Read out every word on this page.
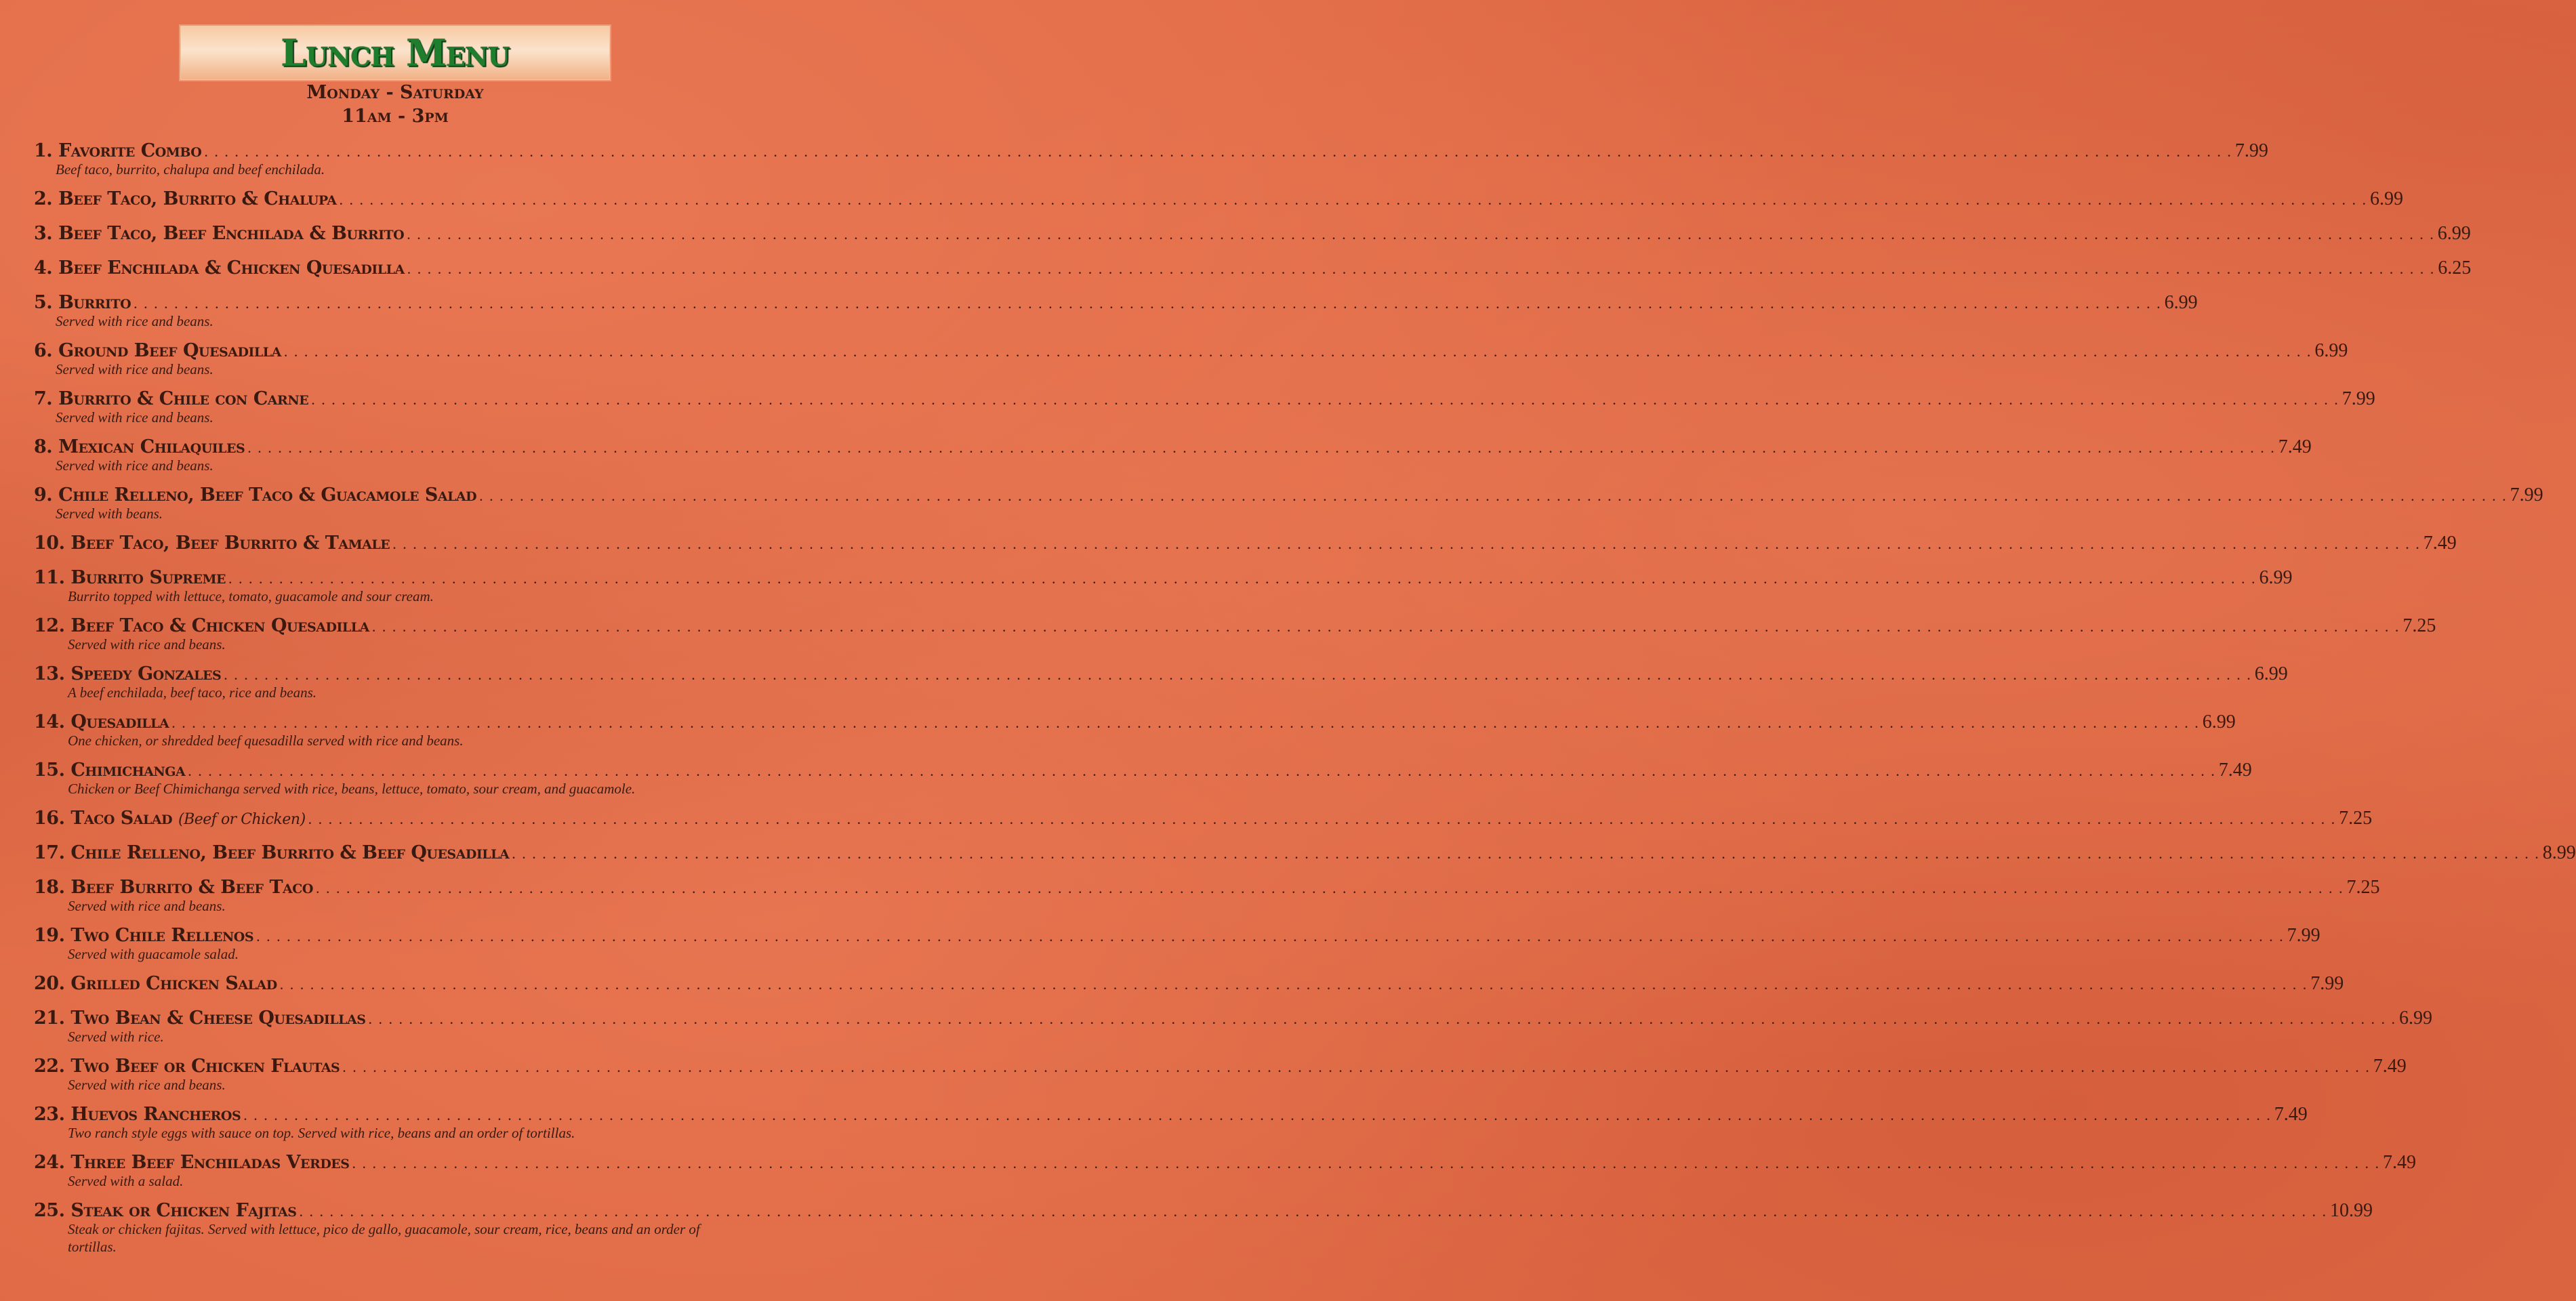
Lunch Menu
Monday - Saturday
11am - 3pm
1. Favorite Combo . . . . . . . . . . . . . . . . . . . . . . . . . . . . . . . . . . . . . . . . . . . . . . . . . . . . . . . . . . . . . . . . . . . . . . . . . . . . . . . . . . . . . . . . . . . . . . . . . . . . . . . . . . . . . . . . . . . . . . . . . . . . . . . . . . . . . . . . . . . . . . . . . . . . . . . . . . . . . . . . . . . . . . . . . . . . . . . . . . . . . . . . . . . . . . . . . . . . . . . . 7.99
Beef taco, burrito, chalupa and beef enchilada.
2. Beef Taco, Burrito & Chalupa . . . . . . . . . . . . . . . . . . . . . . . . . . . . . . . . . . . . . . . . . . . . . . . . . . . . . . . . . . . . . . . . . . . . . . . . . . . . . . . . . . . . . . . . . . . . . . . . . . . . . . . . . . . . . . . . . . . . . . . . . . . . . . . . . . . . . . . . . . . . . . . . . . . . . . . . . . . . . . . . . . . . . . . . . . . . . . . . . . . . . . . . . . . . . . . . . . . . . . . . 6.99
3. Beef Taco, Beef Enchilada & Burrito . . . . . . . . . . . . . . . . . . . . . . . . . . . . . . . . . . . . . . . . . . . . . . . . . . . . . . . . . . . . . . . . . . . . . . . . . . . . . . . . . . . . . . . . . . . . . . . . . . . . . . . . . . . . . . . . . . . . . . . . . . . . . . . . . . . . . . . . . . . . . . . . . . . . . . . . . . . . . . . . . . . . . . . . . . . . . . . . . . . . . . . . . . . . . . . . . . . . . . . . 6.99
4. Beef Enchilada & Chicken Quesadilla . . . . . . . . . . . . . . . . . . . . . . . . . . . . . . . . . . . . . . . . . . . . . . . . . . . . . . . . . . . . . . . . . . . . . . . . . . . . . . . . . . . . . . . . . . . . . . . . . . . . . . . . . . . . . . . . . . . . . . . . . . . . . . . . . . . . . . . . . . . . . . . . . . . . . . . . . . . . . . . . . . . . . . . . . . . . . . . . . . . . . . . . . . . . . . . . . . . . . . . . 6.25
5. Burrito . . . . . . . . . . . . . . . . . . . . . . . . . . . . . . . . . . . . . . . . . . . . . . . . . . . . . . . . . . . . . . . . . . . . . . . . . . . . . . . . . . . . . . . . . . . . . . . . . . . . . . . . . . . . . . . . . . . . . . . . . . . . . . . . . . . . . . . . . . . . . . . . . . . . . . . . . . . . . . . . . . . . . . . . . . . . . . . . . . . . . . . . . . . . . . . . . . . . . . . . 6.99
Served with rice and beans.
6. Ground Beef Quesadilla . . . . . . . . . . . . . . . . . . . . . . . . . . . . . . . . . . . . . . . . . . . . . . . . . . . . . . . . . . . . . . . . . . . . . . . . . . . . . . . . . . . . . . . . . . . . . . . . . . . . . . . . . . . . . . . . . . . . . . . . . . . . . . . . . . . . . . . . . . . . . . . . . . . . . . . . . . . . . . . . . . . . . . . . . . . . . . . . . . . . . . . . . . . . . . . . . . . . . . . . 6.99
Served with rice and beans.
7. Burrito & Chile con Carne . . . . . . . . . . . . . . . . . . . . . . . . . . . . . . . . . . . . . . . . . . . . . . . . . . . . . . . . . . . . . . . . . . . . . . . . . . . . . . . . . . . . . . . . . . . . . . . . . . . . . . . . . . . . . . . . . . . . . . . . . . . . . . . . . . . . . . . . . . . . . . . . . . . . . . . . . . . . . . . . . . . . . . . . . . . . . . . . . . . . . . . . . . . . . . . . . . . . . . . . 7.99
Served with rice and beans.
8. Mexican Chilaquiles . . . . . . . . . . . . . . . . . . . . . . . . . . . . . . . . . . . . . . . . . . . . . . . . . . . . . . . . . . . . . . . . . . . . . . . . . . . . . . . . . . . . . . . . . . . . . . . . . . . . . . . . . . . . . . . . . . . . . . . . . . . . . . . . . . . . . . . . . . . . . . . . . . . . . . . . . . . . . . . . . . . . . . . . . . . . . . . . . . . . . . . . . . . . . . . . . . . . . . . . 7.49
Served with rice and beans.
9. Chile Relleno, Beef Taco & Guacamole Salad . . . . . . . . . . . . . . . . . . . . . . . . . . . . . . . . . . . . . . . . . . . . . . . . . . . . . . . . . . . . . . . . . . . . . . . . . . . . . . . . . . . . . . . . . . . . . . . . . . . . . . . . . . . . . . . . . . . . . . . . . . . . . . . . . . . . . . . . . . . . . . . . . . . . . . . . . . . . . . . . . . . . . . . . . . . . . . . . . . . . . . . . . . . . . . . . . . . . . . . . 7.99
Served with beans.
10. Beef Taco, Beef Burrito & Tamale . . . . . . . . . . . . . . . . . . . . . . . . . . . . . . . . . . . . . . . . . . . . . . . . . . . . . . . . . . . . . . . . . . . . . . . . . . . . . . . . . . . . . . . . . . . . . . . . . . . . . . . . . . . . . . . . . . . . . . . . . . . . . . . . . . . . . . . . . . . . . . . . . . . . . . . . . . . . . . . . . . . . . . . . . . . . . . . . . . . . . . . . . . . . . . . . . . . . . . . . 7.49
11. Burrito Supreme . . . . . . . . . . . . . . . . . . . . . . . . . . . . . . . . . . . . . . . . . . . . . . . . . . . . . . . . . . . . . . . . . . . . . . . . . . . . . . . . . . . . . . . . . . . . . . . . . . . . . . . . . . . . . . . . . . . . . . . . . . . . . . . . . . . . . . . . . . . . . . . . . . . . . . . . . . . . . . . . . . . . . . . . . . . . . . . . . . . . . . . . . . . . . . . . . . . . . . . . 6.99
Burrito topped with lettuce, tomato, guacamole and sour cream.
12. Beef Taco & Chicken Quesadilla . . . . . . . . . . . . . . . . . . . . . . . . . . . . . . . . . . . . . . . . . . . . . . . . . . . . . . . . . . . . . . . . . . . . . . . . . . . . . . . . . . . . . . . . . . . . . . . . . . . . . . . . . . . . . . . . . . . . . . . . . . . . . . . . . . . . . . . . . . . . . . . . . . . . . . . . . . . . . . . . . . . . . . . . . . . . . . . . . . . . . . . . . . . . . . . . . . . . . . . . 7.25
Served with rice and beans.
13. Speedy Gonzales . . . . . . . . . . . . . . . . . . . . . . . . . . . . . . . . . . . . . . . . . . . . . . . . . . . . . . . . . . . . . . . . . . . . . . . . . . . . . . . . . . . . . . . . . . . . . . . . . . . . . . . . . . . . . . . . . . . . . . . . . . . . . . . . . . . . . . . . . . . . . . . . . . . . . . . . . . . . . . . . . . . . . . . . . . . . . . . . . . . . . . . . . . . . . . . . . . . . . . . . 6.99
A beef enchilada, beef taco, rice and beans.
14. Quesadilla . . . . . . . . . . . . . . . . . . . . . . . . . . . . . . . . . . . . . . . . . . . . . . . . . . . . . . . . . . . . . . . . . . . . . . . . . . . . . . . . . . . . . . . . . . . . . . . . . . . . . . . . . . . . . . . . . . . . . . . . . . . . . . . . . . . . . . . . . . . . . . . . . . . . . . . . . . . . . . . . . . . . . . . . . . . . . . . . . . . . . . . . . . . . . . . . . . . . . . . . 6.99
One chicken, or shredded beef quesadilla served with rice and beans.
15. Chimichanga . . . . . . . . . . . . . . . . . . . . . . . . . . . . . . . . . . . . . . . . . . . . . . . . . . . . . . . . . . . . . . . . . . . . . . . . . . . . . . . . . . . . . . . . . . . . . . . . . . . . . . . . . . . . . . . . . . . . . . . . . . . . . . . . . . . . . . . . . . . . . . . . . . . . . . . . . . . . . . . . . . . . . . . . . . . . . . . . . . . . . . . . . . . . . . . . . . . . . . . . 7.49
Chicken or Beef Chimichanga served with rice, beans, lettuce, tomato, sour cream, and guacamole.
16. Taco Salad (Beef or Chicken) . . . . . . . . . . . . . . . . . . . . . . . . . . . . . . . . . . . . . . . . . . . . . . . . . . . . . . . . . . . . . . . . . . . . . . . . . . . . . . . . . . . . . . . . . . . . . . . . . . . . . . . . . . . . . . . . . . . . . . . . . . . . . . . . . . . . . . . . . . . . . . . . . . . . . . . . . . . . . . . . . . . . . . . . . . . . . . . . . . . . . . . . . . . . . . . . . . . . . . . . 7.25
17. Chile Relleno, Beef Burrito & Beef Quesadilla . . . . . . . . . . . . . . . . . . . . . . . . . . . . . . . . . . . . . . . . . . . . . . . . . . . . . . . . . . . . . . . . . . . . . . . . . . . . . . . . . . . . . . . . . . . . . . . . . . . . . . . . . . . . . . . . . . . . . . . . . . . . . . . . . . . . . . . . . . . . . . . . . . . . . . . . . . . . . . . . . . . . . . . . . . . . . . . . . . . . . . . . . . . . . . . . . . . . . . . . 8.99
18. Beef Burrito & Beef Taco . . . . . . . . . . . . . . . . . . . . . . . . . . . . . . . . . . . . . . . . . . . . . . . . . . . . . . . . . . . . . . . . . . . . . . . . . . . . . . . . . . . . . . . . . . . . . . . . . . . . . . . . . . . . . . . . . . . . . . . . . . . . . . . . . . . . . . . . . . . . . . . . . . . . . . . . . . . . . . . . . . . . . . . . . . . . . . . . . . . . . . . . . . . . . . . . . . . . . . . . 7.25
Served with rice and beans.
19. Two Chile Rellenos . . . . . . . . . . . . . . . . . . . . . . . . . . . . . . . . . . . . . . . . . . . . . . . . . . . . . . . . . . . . . . . . . . . . . . . . . . . . . . . . . . . . . . . . . . . . . . . . . . . . . . . . . . . . . . . . . . . . . . . . . . . . . . . . . . . . . . . . . . . . . . . . . . . . . . . . . . . . . . . . . . . . . . . . . . . . . . . . . . . . . . . . . . . . . . . . . . . . . . . . 7.99
Served with guacamole salad.
20. Grilled Chicken Salad . . . . . . . . . . . . . . . . . . . . . . . . . . . . . . . . . . . . . . . . . . . . . . . . . . . . . . . . . . . . . . . . . . . . . . . . . . . . . . . . . . . . . . . . . . . . . . . . . . . . . . . . . . . . . . . . . . . . . . . . . . . . . . . . . . . . . . . . . . . . . . . . . . . . . . . . . . . . . . . . . . . . . . . . . . . . . . . . . . . . . . . . . . . . . . . . . . . . . . . . 7.99
21. Two Bean & Cheese Quesadillas . . . . . . . . . . . . . . . . . . . . . . . . . . . . . . . . . . . . . . . . . . . . . . . . . . . . . . . . . . . . . . . . . . . . . . . . . . . . . . . . . . . . . . . . . . . . . . . . . . . . . . . . . . . . . . . . . . . . . . . . . . . . . . . . . . . . . . . . . . . . . . . . . . . . . . . . . . . . . . . . . . . . . . . . . . . . . . . . . . . . . . . . . . . . . . . . . . . . . . . . 6.99
Served with rice.
22. Two Beef or Chicken Flautas . . . . . . . . . . . . . . . . . . . . . . . . . . . . . . . . . . . . . . . . . . . . . . . . . . . . . . . . . . . . . . . . . . . . . . . . . . . . . . . . . . . . . . . . . . . . . . . . . . . . . . . . . . . . . . . . . . . . . . . . . . . . . . . . . . . . . . . . . . . . . . . . . . . . . . . . . . . . . . . . . . . . . . . . . . . . . . . . . . . . . . . . . . . . . . . . . . . . . . . . 7.49
Served with rice and beans.
23. Huevos Rancheros . . . . . . . . . . . . . . . . . . . . . . . . . . . . . . . . . . . . . . . . . . . . . . . . . . . . . . . . . . . . . . . . . . . . . . . . . . . . . . . . . . . . . . . . . . . . . . . . . . . . . . . . . . . . . . . . . . . . . . . . . . . . . . . . . . . . . . . . . . . . . . . . . . . . . . . . . . . . . . . . . . . . . . . . . . . . . . . . . . . . . . . . . . . . . . . . . . . . . . . . 7.49
Two ranch style eggs with sauce on top. Served with rice, beans and an order of tortillas.
24. Three Beef Enchiladas Verdes . . . . . . . . . . . . . . . . . . . . . . . . . . . . . . . . . . . . . . . . . . . . . . . . . . . . . . . . . . . . . . . . . . . . . . . . . . . . . . . . . . . . . . . . . . . . . . . . . . . . . . . . . . . . . . . . . . . . . . . . . . . . . . . . . . . . . . . . . . . . . . . . . . . . . . . . . . . . . . . . . . . . . . . . . . . . . . . . . . . . . . . . . . . . . . . . . . . . . . . . 7.49
Served with a salad.
25. Steak or Chicken Fajitas . . . . . . . . . . . . . . . . . . . . . . . . . . . . . . . . . . . . . . . . . . . . . . . . . . . . . . . . . . . . . . . . . . . . . . . . . . . . . . . . . . . . . . . . . . . . . . . . . . . . . . . . . . . . . . . . . . . . . . . . . . . . . . . . . . . . . . . . . . . . . . . . . . . . . . . . . . . . . . . . . . . . . . . . . . . . . . . . . . . . . . . . . . . . . . . . . . . . . . . . 10.99
Steak or chicken fajitas. Served with lettuce, pico de gallo, guacamole, sour cream, rice, beans and an order of tortillas.
